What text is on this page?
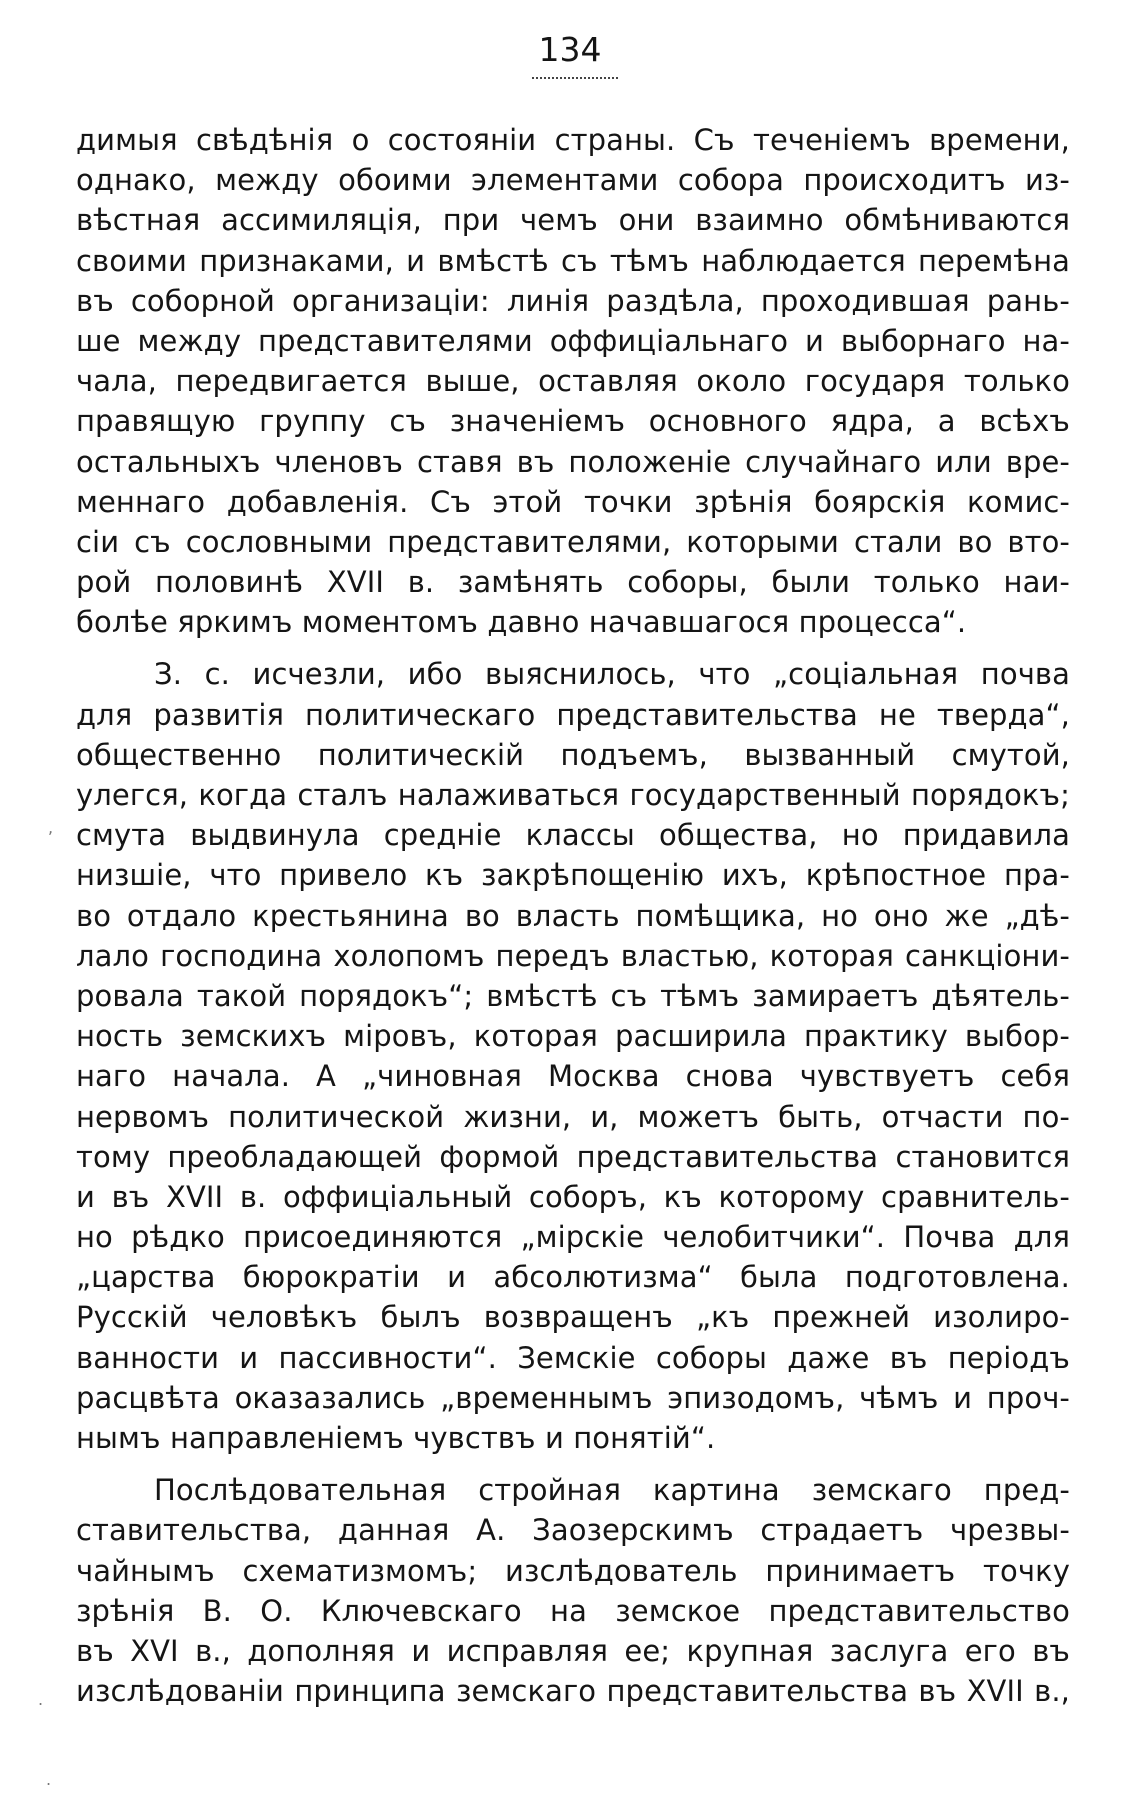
134
димыя свѣдѣнія о состояніи страны. Съ теченіемъ времени,
однако, между обоими элементами собора происходитъ из-
вѣстная ассимиляція, при чемъ они взаимно обмѣниваются
своими признаками, и вмѣстѣ съ тѣмъ наблюдается перемѣна
въ соборной организаціи: линія раздѣла, проходившая рань-
ше между представителями оффиціальнаго и выборнаго на-
чала, передвигается выше, оставляя около государя только
правящую группу съ значеніемъ основного ядра, а всѣхъ
остальныхъ членовъ ставя въ положеніе случайнаго или вре-
меннаго добавленія. Съ этой точки зрѣнія боярскія комис-
сіи съ сословными представителями, которыми стали во вто-
рой половинѣ XVII в. замѣнять соборы, были только наи-
болѣе яркимъ моментомъ давно начавшагося процесса“.
З. с. исчезли, ибо выяснилось, что „соціальная почва
для развитія политическаго представительства не тверда“,
общественно политическій подъемъ, вызванный смутой,
улегся, когда сталъ налаживаться государственный порядокъ;
смута выдвинула средніе классы общества, но придавила
низшіе, что привело къ закрѣпощенію ихъ, крѣпостное пра-
во отдало крестьянина во власть помѣщика, но оно же „дѣ-
лало господина холопомъ передъ властью, которая санкціони-
ровала такой порядокъ“; вмѣстѣ съ тѣмъ замираетъ дѣятель-
ность земскихъ міровъ, которая расширила практику выбор-
наго начала. А „чиновная Москва снова чувствуетъ себя
нервомъ политической жизни, и, можетъ быть, отчасти по-
тому преобладающей формой представительства становится
и въ XVII в. оффиціальный соборъ, къ которому сравнитель-
но рѣдко присоединяются „мірскіе челобитчики“. Почва для
„царства бюрократіи и абсолютизма“ была подготовлена.
Русскій человѣкъ былъ возвращенъ „къ прежней изолиро-
ванности и пассивности“. Земскіе соборы даже въ періодъ
расцвѣта оказазались „временнымъ эпизодомъ, чѣмъ и проч-
нымъ направленіемъ чувствъ и понятій“.
Послѣдовательная стройная картина земскаго пред-
ставительства, данная А. Заозерскимъ страдаетъ чрезвы-
чайнымъ схематизмомъ; изслѣдователь принимаетъ точку
зрѣнія В. О. Ключевскаго на земское представительство
въ XVI в., дополняя и исправляя ее; крупная заслуга его въ
изслѣдованіи принципа земскаго представительства въ XVII в.,
,
.
.
